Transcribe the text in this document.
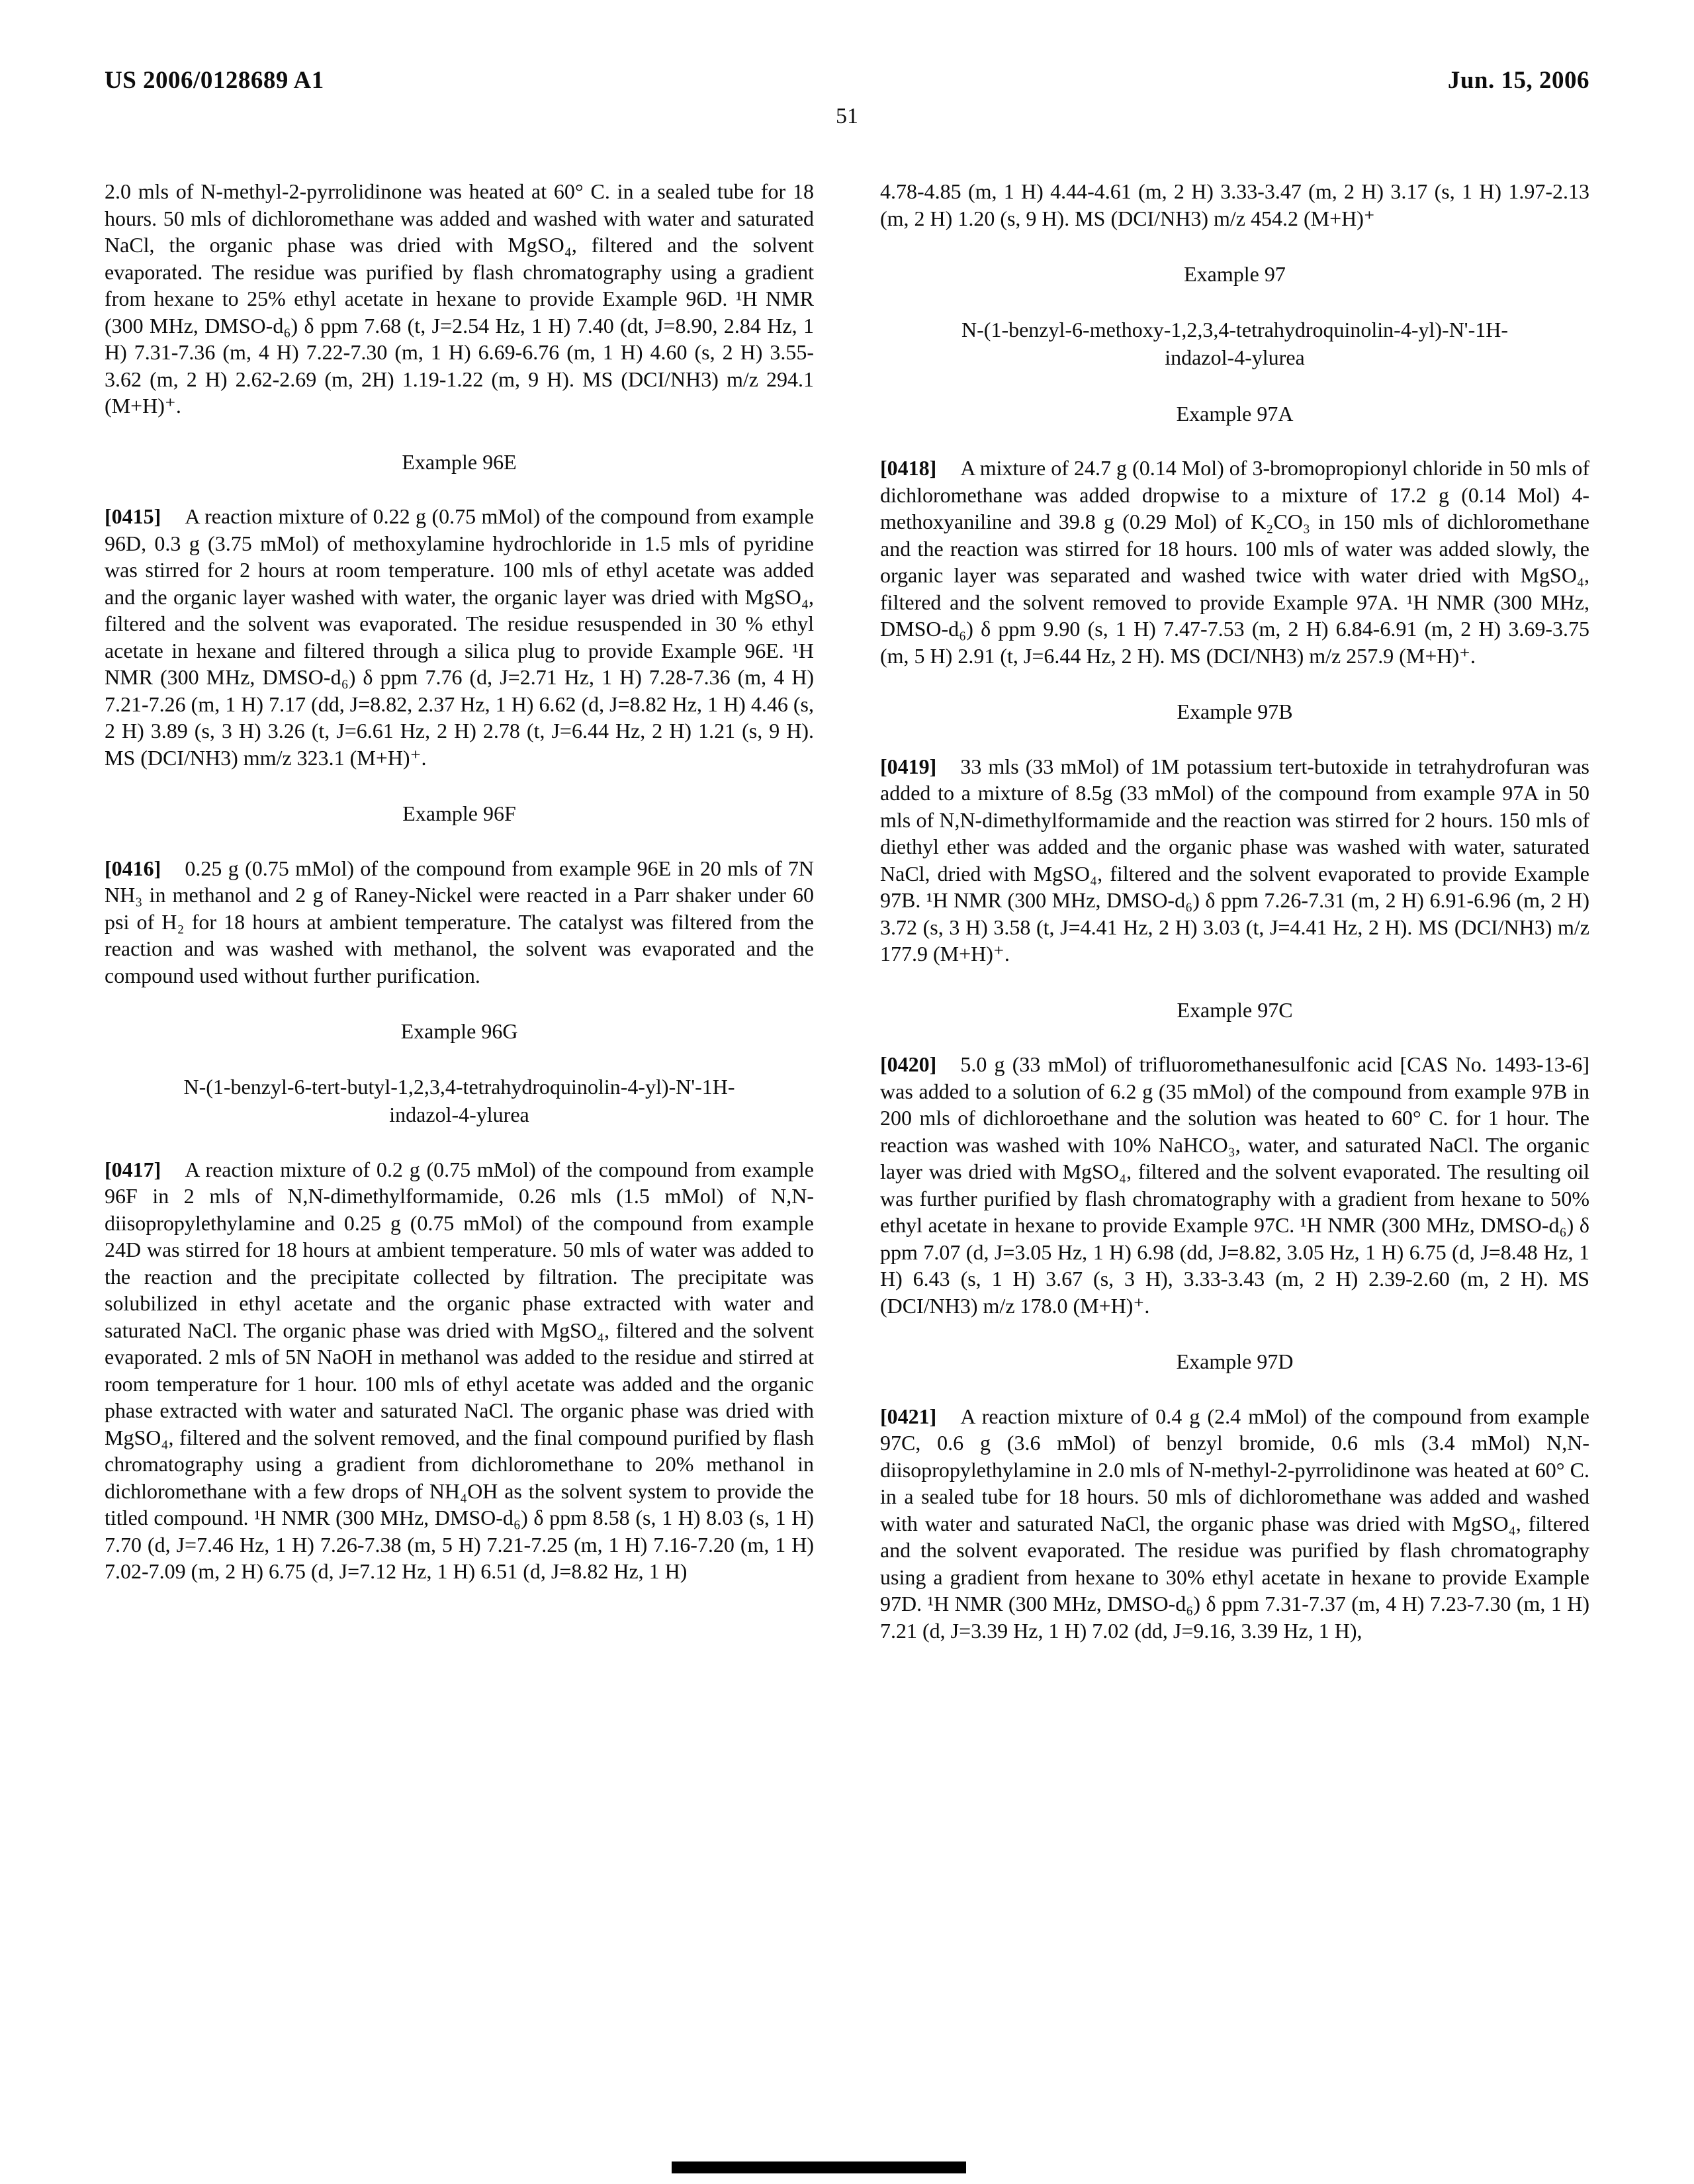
US 2006/0128689 A1	Jun. 15, 2006
51

2.0 mls of N-methyl-2-pyrrolidinone was heated at 60° C. in a sealed tube for 18 hours. 50 mls of dichloromethane was added and washed with water and saturated NaCl, the organic phase was dried with MgSO₄, filtered and the solvent evaporated. The residue was purified by flash chromatography using a gradient from hexane to 25% ethyl acetate in hexane to provide Example 96D. ¹H NMR (300 MHz, DMSO-d₆) δ ppm 7.68 (t, J=2.54 Hz, 1 H) 7.40 (dt, J=8.90, 2.84 Hz, 1 H) 7.31-7.36 (m, 4 H) 7.22-7.30 (m, 1 H) 6.69-6.76 (m, 1 H) 4.60 (s, 2 H) 3.55-3.62 (m, 2 H) 2.62-2.69 (m, 2H) 1.19-1.22 (m, 9 H). MS (DCI/NH3) m/z 294.1 (M+H)⁺.

Example 96E

[0415] A reaction mixture of 0.22 g (0.75 mMol) of the compound from example 96D, 0.3 g (3.75 mMol) of methoxylamine hydrochloride in 1.5 mls of pyridine was stirred for 2 hours at room temperature. 100 mls of ethyl acetate was added and the organic layer washed with water, the organic layer was dried with MgSO₄, filtered and the solvent was evaporated. The residue resuspended in 30 % ethyl acetate in hexane and filtered through a silica plug to provide Example 96E. ¹H NMR (300 MHz, DMSO-d₆) δ ppm 7.76 (d, J=2.71 Hz, 1 H) 7.28-7.36 (m, 4 H) 7.21-7.26 (m, 1 H) 7.17 (dd, J=8.82, 2.37 Hz, 1 H) 6.62 (d, J=8.82 Hz, 1 H) 4.46 (s, 2 H) 3.89 (s, 3 H) 3.26 (t, J=6.61 Hz, 2 H) 2.78 (t, J=6.44 Hz, 2 H) 1.21 (s, 9 H). MS (DCI/NH3) mm/z 323.1 (M+H)⁺.

Example 96F

[0416] 0.25 g (0.75 mMol) of the compound from example 96E in 20 mls of 7N NH₃ in methanol and 2 g of Raney-Nickel were reacted in a Parr shaker under 60 psi of H₂ for 18 hours at ambient temperature. The catalyst was filtered from the reaction and was washed with methanol, the solvent was evaporated and the compound used without further purification.

Example 96G
N-(1-benzyl-6-tert-butyl-1,2,3,4-tetrahydroquinolin-4-yl)-N'-1H-indazol-4-ylurea

[0417] A reaction mixture of 0.2 g (0.75 mMol) of the compound from example 96F in 2 mls of N,N-dimethylformamide, 0.26 mls (1.5 mMol) of N,N-diisopropylethylamine and 0.25 g (0.75 mMol) of the compound from example 24D was stirred for 18 hours at ambient temperature. 50 mls of water was added to the reaction and the precipitate collected by filtration. The precipitate was solubilized in ethyl acetate and the organic phase extracted with water and saturated NaCl. The organic phase was dried with MgSO₄, filtered and the solvent evaporated. 2 mls of 5N NaOH in methanol was added to the residue and stirred at room temperature for 1 hour. 100 mls of ethyl acetate was added and the organic phase extracted with water and saturated NaCl. The organic phase was dried with MgSO₄, filtered and the solvent removed, and the final compound purified by flash chromatography using a gradient from dichloromethane to 20% methanol in dichloromethane with a few drops of NH₄OH as the solvent system to provide the titled compound. ¹H NMR (300 MHz, DMSO-d₆) δ ppm 8.58 (s, 1 H) 8.03 (s, 1 H) 7.70 (d, J=7.46 Hz, 1 H) 7.26-7.38 (m, 5 H) 7.21-7.25 (m, 1 H) 7.16-7.20 (m, 1 H) 7.02-7.09 (m, 2 H) 6.75 (d, J=7.12 Hz, 1 H) 6.51 (d, J=8.82 Hz, 1 H)

4.78-4.85 (m, 1 H) 4.44-4.61 (m, 2 H) 3.33-3.47 (m, 2 H) 3.17 (s, 1 H) 1.97-2.13 (m, 2 H) 1.20 (s, 9 H). MS (DCI/NH3) m/z 454.2 (M+H)⁺

Example 97
N-(1-benzyl-6-methoxy-1,2,3,4-tetrahydroquinolin-4-yl)-N'-1H-indazol-4-ylurea
Example 97A

[0418] A mixture of 24.7 g (0.14 Mol) of 3-bromopropionyl chloride in 50 mls of dichloromethane was added dropwise to a mixture of 17.2 g (0.14 Mol) 4-methoxyaniline and 39.8 g (0.29 Mol) of K₂CO₃ in 150 mls of dichloromethane and the reaction was stirred for 18 hours. 100 mls of water was added slowly, the organic layer was separated and washed twice with water dried with MgSO₄, filtered and the solvent removed to provide Example 97A. ¹H NMR (300 MHz, DMSO-d₆) δ ppm 9.90 (s, 1 H) 7.47-7.53 (m, 2 H) 6.84-6.91 (m, 2 H) 3.69-3.75 (m, 5 H) 2.91 (t, J=6.44 Hz, 2 H). MS (DCI/NH3) m/z 257.9 (M+H)⁺.

Example 97B

[0419] 33 mls (33 mMol) of 1M potassium tert-butoxide in tetrahydrofuran was added to a mixture of 8.5g (33 mMol) of the compound from example 97A in 50 mls of N,N-dimethylformamide and the reaction was stirred for 2 hours. 150 mls of diethyl ether was added and the organic phase was washed with water, saturated NaCl, dried with MgSO₄, filtered and the solvent evaporated to provide Example 97B. ¹H NMR (300 MHz, DMSO-d₆) δ ppm 7.26-7.31 (m, 2 H) 6.91-6.96 (m, 2 H) 3.72 (s, 3 H) 3.58 (t, J=4.41 Hz, 2 H) 3.03 (t, J=4.41 Hz, 2 H). MS (DCI/NH3) m/z 177.9 (M+H)⁺.

Example 97C

[0420] 5.0 g (33 mMol) of trifluoromethanesulfonic acid [CAS No. 1493-13-6] was added to a solution of 6.2 g (35 mMol) of the compound from example 97B in 200 mls of dichloroethane and the solution was heated to 60° C. for 1 hour. The reaction was washed with 10% NaHCO₃, water, and saturated NaCl. The organic layer was dried with MgSO₄, filtered and the solvent evaporated. The resulting oil was further purified by flash chromatography with a gradient from hexane to 50% ethyl acetate in hexane to provide Example 97C. ¹H NMR (300 MHz, DMSO-d₆) δ ppm 7.07 (d, J=3.05 Hz, 1 H) 6.98 (dd, J=8.82, 3.05 Hz, 1 H) 6.75 (d, J=8.48 Hz, 1 H) 6.43 (s, 1 H) 3.67 (s, 3 H), 3.33-3.43 (m, 2 H) 2.39-2.60 (m, 2 H). MS (DCI/NH3) m/z 178.0 (M+H)⁺.

Example 97D

[0421] A reaction mixture of 0.4 g (2.4 mMol) of the compound from example 97C, 0.6 g (3.6 mMol) of benzyl bromide, 0.6 mls (3.4 mMol) N,N-diisopropylethylamine in 2.0 mls of N-methyl-2-pyrrolidinone was heated at 60° C. in a sealed tube for 18 hours. 50 mls of dichloromethane was added and washed with water and saturated NaCl, the organic phase was dried with MgSO₄, filtered and the solvent evaporated. The residue was purified by flash chromatography using a gradient from hexane to 30% ethyl acetate in hexane to provide Example 97D. ¹H NMR (300 MHz, DMSO-d₆) δ ppm 7.31-7.37 (m, 4 H) 7.23-7.30 (m, 1 H) 7.21 (d, J=3.39 Hz, 1 H) 7.02 (dd, J=9.16, 3.39 Hz, 1 H),
